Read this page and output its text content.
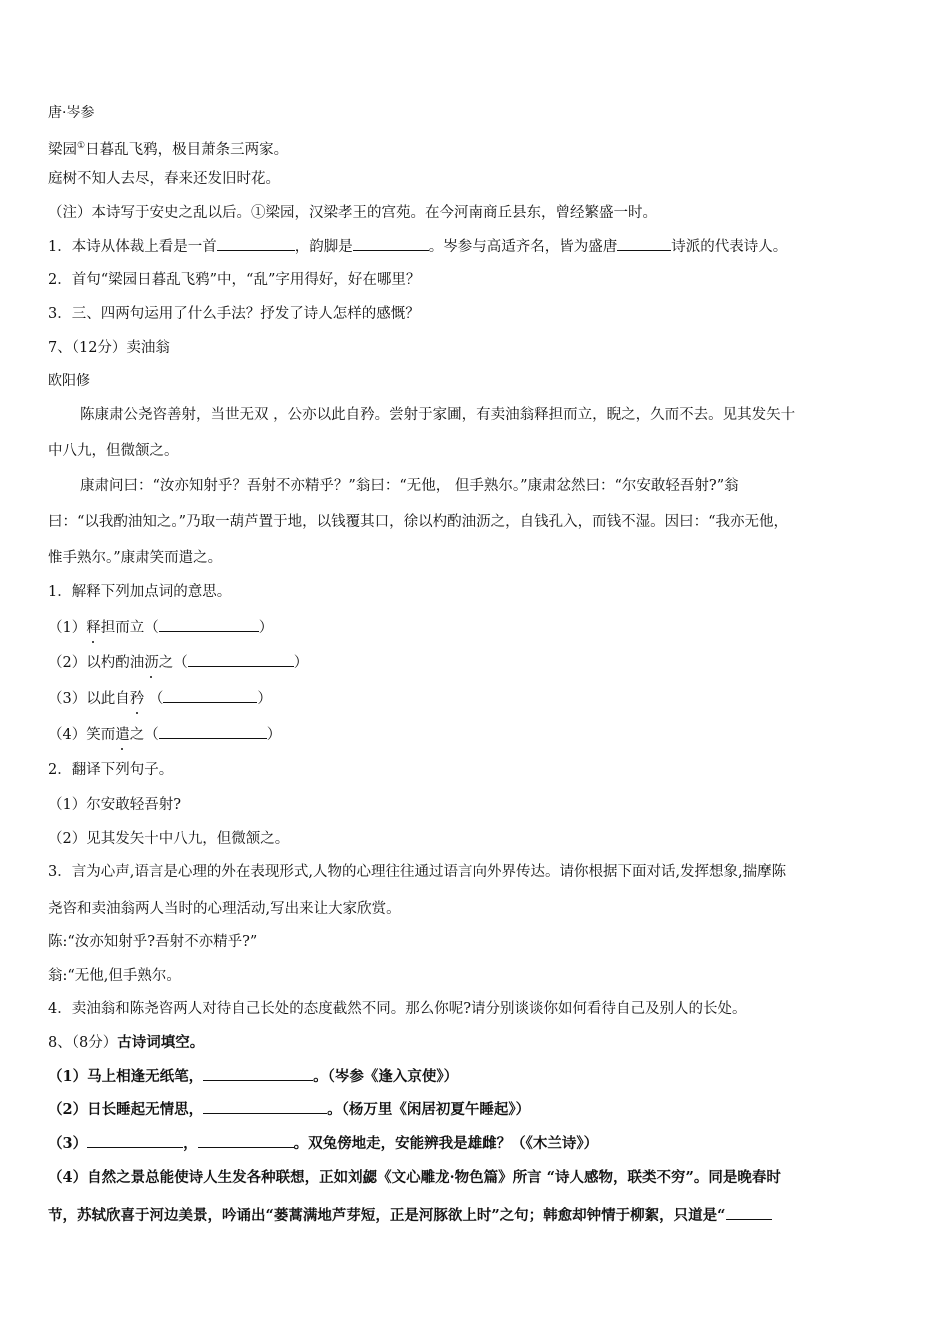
唐·岑参
梁园①日暮乱飞鸦，极目萧条三两家。
庭树不知人去尽，春来还发旧时花。
（注）本诗写于安史之乱以后。①梁园，汉梁孝王的宫苑。在今河南商丘县东，曾经繁盛一时。
1．本诗从体裁上看是一首	，韵脚是	。岑参与高适齐名，皆为盛唐	诗派的代表诗人。
2．首句“梁园日暮乱飞鸦”中，“乱”字用得好，好在哪里？
3．三、四两句运用了什么手法？抒发了诗人怎样的感慨？
7、（12分）卖油翁
欧阳修
陈康肃公尧咨善射，当世无双 ，公亦以此自矜。尝射于家圃，有卖油翁释担而立，睨之，久而不去。见其发矢十
中八九，但微颔之。
康肃问曰：“汝亦知射乎？吾射不亦精乎？”翁曰：“无他， 但手熟尔。”康肃忿然曰：“尔安敢轻吾射?”翁
曰：“以我酌油知之。”乃取一葫芦置于地，以钱覆其口，徐以杓酌油沥之，自钱孔入，而钱不湿。因曰：“我亦无他，
惟手熟尔。”康肃笑而遣之。
1．解释下列加点词的意思。
（1）释担而立（	）
（2）以杓酌油沥之（	）
（3）以此自矜 （	）
（4）笑而遣之（	）
2．翻译下列句子。
（1）尔安敢轻吾射?
（2）见其发矢十中八九，但微颔之。
3．言为心声,语言是心理的外在表现形式,人物的心理往往通过语言向外界传达。请你根据下面对话,发挥想象,揣摩陈
尧咨和卖油翁两人当时的心理活动,写出来让大家欣赏。
陈:“汝亦知射乎?吾射不亦精乎?”
翁:“无他,但手熟尔。
4．卖油翁和陈尧咨两人对待自己长处的态度截然不同。那么你呢?请分别谈谈你如何看待自己及别人的长处。
8、（8分）古诗词填空。
（1）马上相逢无纸笔，	。（岑参《逢入京使》）
（2）日长睡起无情思，	。（杨万里《闲居初夏午睡起》）
（3）	，	。双兔傍地走，安能辨我是雄雌？（《木兰诗》）
（4）自然之景总能使诗人生发各种联想，正如刘勰《文心雕龙·物色篇》所言 “诗人感物，联类不穷”。同是晚春时
节，苏轼欣喜于河边美景，吟诵出“蒌蒿满地芦芽短，正是河豚欲上时”之句；韩愈却钟情于柳絮，只道是“
